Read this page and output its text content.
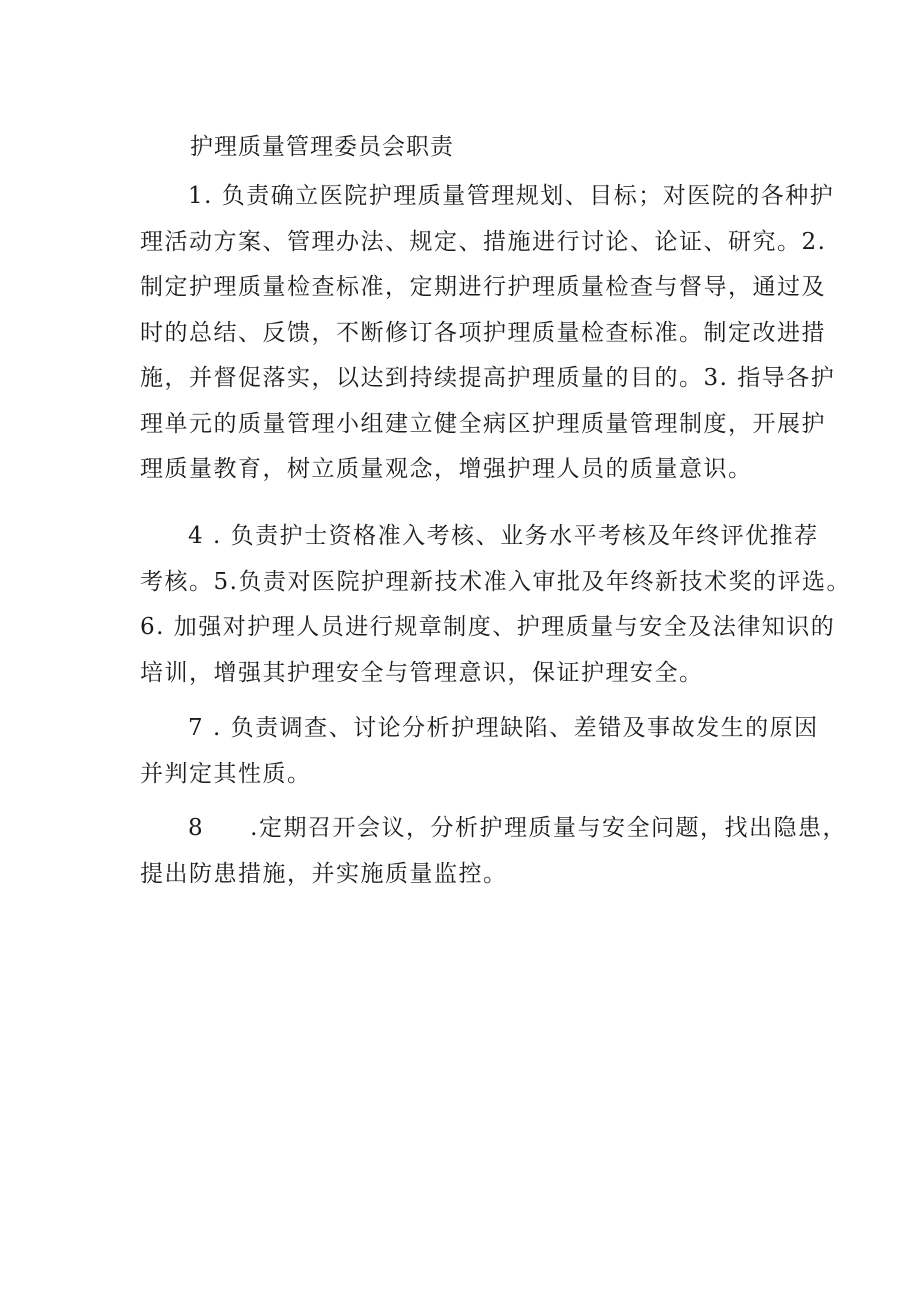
护理质量管理委员会职责
1. 负责确立医院护理质量管理规划、目标；对医院的各种护
理活动方案、管理办法、规定、措施进行讨论、论证、研究。2.
制定护理质量检查标准，定期进行护理质量检查与督导，通过及
时的总结、反馈，不断修订各项护理质量检查标准。制定改进措
施，并督促落实，以达到持续提高护理质量的目的。3. 指导各护
理单元的质量管理小组建立健全病区护理质量管理制度，开展护
理质量教育，树立质量观念，增强护理人员的质量意识。
4 . 负责护士资格准入考核、业务水平考核及年终评优推荐
考核。5.负责对医院护理新技术准入审批及年终新技术奖的评选。
6. 加强对护理人员进行规章制度、护理质量与安全及法律知识的
培训，增强其护理安全与管理意识，保证护理安全。
7 . 负责调查、讨论分析护理缺陷、差错及事故发生的原因
并判定其性质。
8 .定期召开会议，分析护理质量与安全问题，找出隐患，
提出防患措施，并实施质量监控。
